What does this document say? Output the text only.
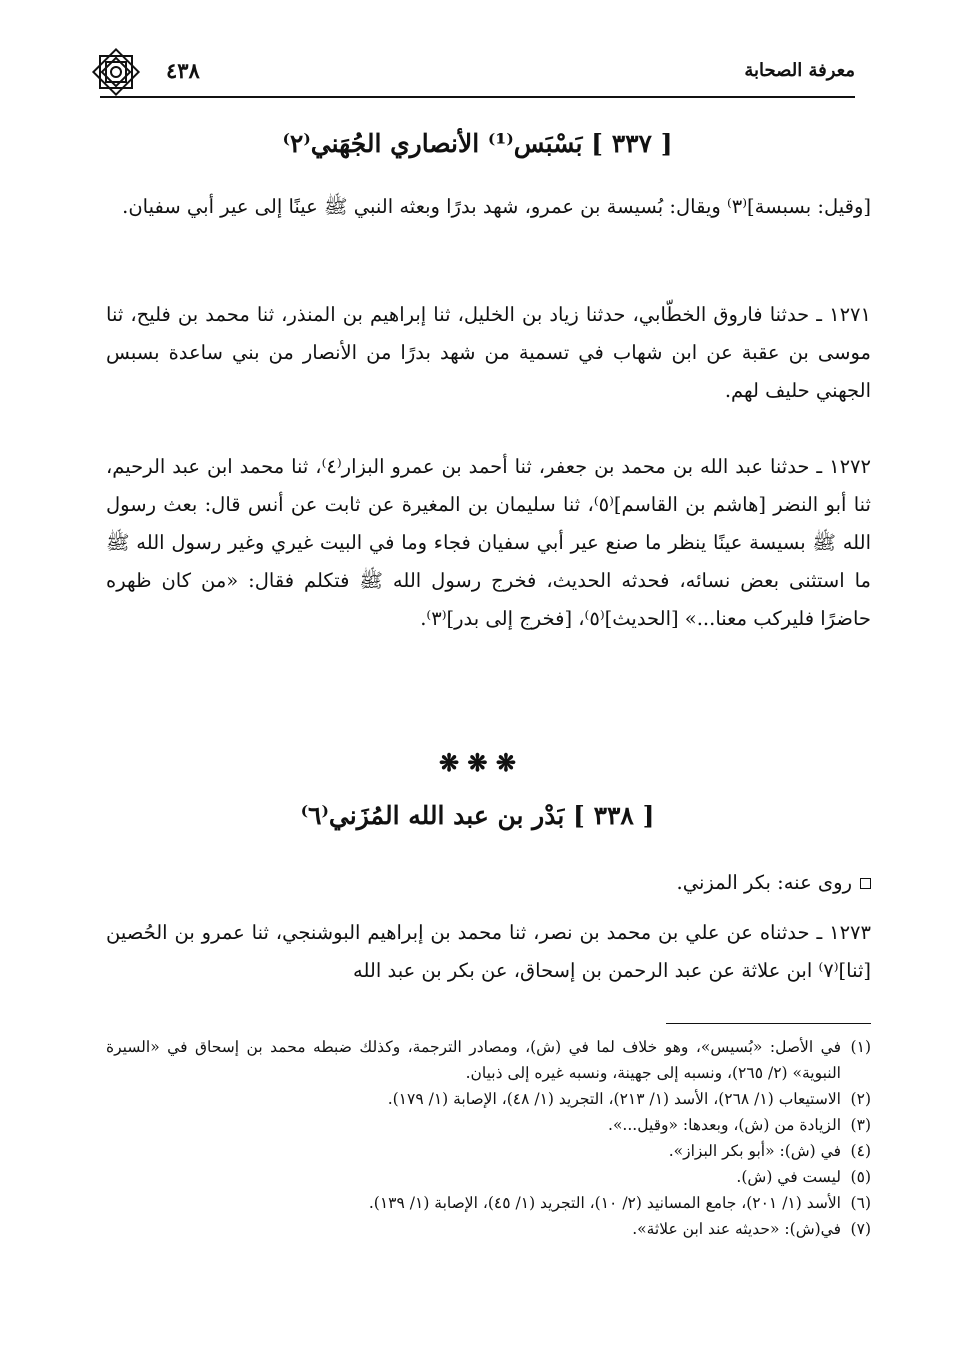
معرفة الصحابة
٤٣٨
[ ٣٣٧ ] بَسْبَس⁽¹⁾ الأنصاري الجُهَني⁽٢⁾
[وقيل: بسبسة]⁽٣⁾ ويقال: بُسيسة بن عمرو، شهد بدرًا وبعثه النبي ﷺ عينًا إلى عير أبي سفيان.
١٢٧١ ـ حدثنا فاروق الخطّابي، حدثنا زياد بن الخليل، ثنا إبراهيم بن المنذر، ثنا محمد بن فليح، ثنا موسى بن عقبة عن ابن شهاب في تسمية من شهد بدرًا من الأنصار من بني ساعدة بسبس الجهني حليف لهم.
١٢٧٢ ـ حدثنا عبد الله بن محمد بن جعفر، ثنا أحمد بن عمرو البزار⁽٤⁾، ثنا محمد ابن عبد الرحيم، ثنا أبو النضر [هاشم بن القاسم]⁽٥⁾، ثنا سليمان بن المغيرة عن ثابت عن أنس قال: بعث رسول الله ﷺ بسيسة عينًا ينظر ما صنع عير أبي سفيان فجاء وما في البيت غيري وغير رسول الله ﷺ ما استثنى بعض نسائه، فحدثه الحديث، فخرج رسول الله ﷺ فتكلم فقال: «من كان ظهره حاضرًا فليركب معنا...» [الحديث]⁽٥⁾، [فخرج إلى بدر]⁽٣⁾.
❋ ❋ ❋
[ ٣٣٨ ] بَدْر بن عبد الله المُزَني⁽٦⁾
روى عنه: بكر المزني.
١٢٧٣ ـ حدثناه عن علي بن محمد بن نصر، ثنا محمد بن إبراهيم البوشنجي، ثنا عمرو بن الحُصين [ثنا]⁽٧⁾ ابن علاثة عن عبد الرحمن بن إسحاق، عن بكر بن عبد الله
(١)
في الأصل: «بُسيس»، وهو خلاف لما في (ش)، ومصادر الترجمة، وكذلك ضبطه محمد بن إسحاق في «السيرة النبوية» (٢/ ٢٦٥)، ونسبه إلى جهينة، ونسبه غيره إلى ذبيان.
(٢)
الاستيعاب (١/ ٢٦٨)، الأسد (١/ ٢١٣)، التجريد (١/ ٤٨)، الإصابة (١/ ١٧٩).
(٣)
الزيادة من (ش)، وبعدها: «وقيل...».
(٤)
في (ش): «أبو بكر البزاز».
(٥)
ليست في (ش).
(٦)
الأسد (١/ ٢٠١)، جامع المسانيد (٢/ ١٠)، التجريد (١/ ٤٥)، الإصابة (١/ ١٣٩).
(٧)
في(ش): «حديثه عند ابن علاثة».
